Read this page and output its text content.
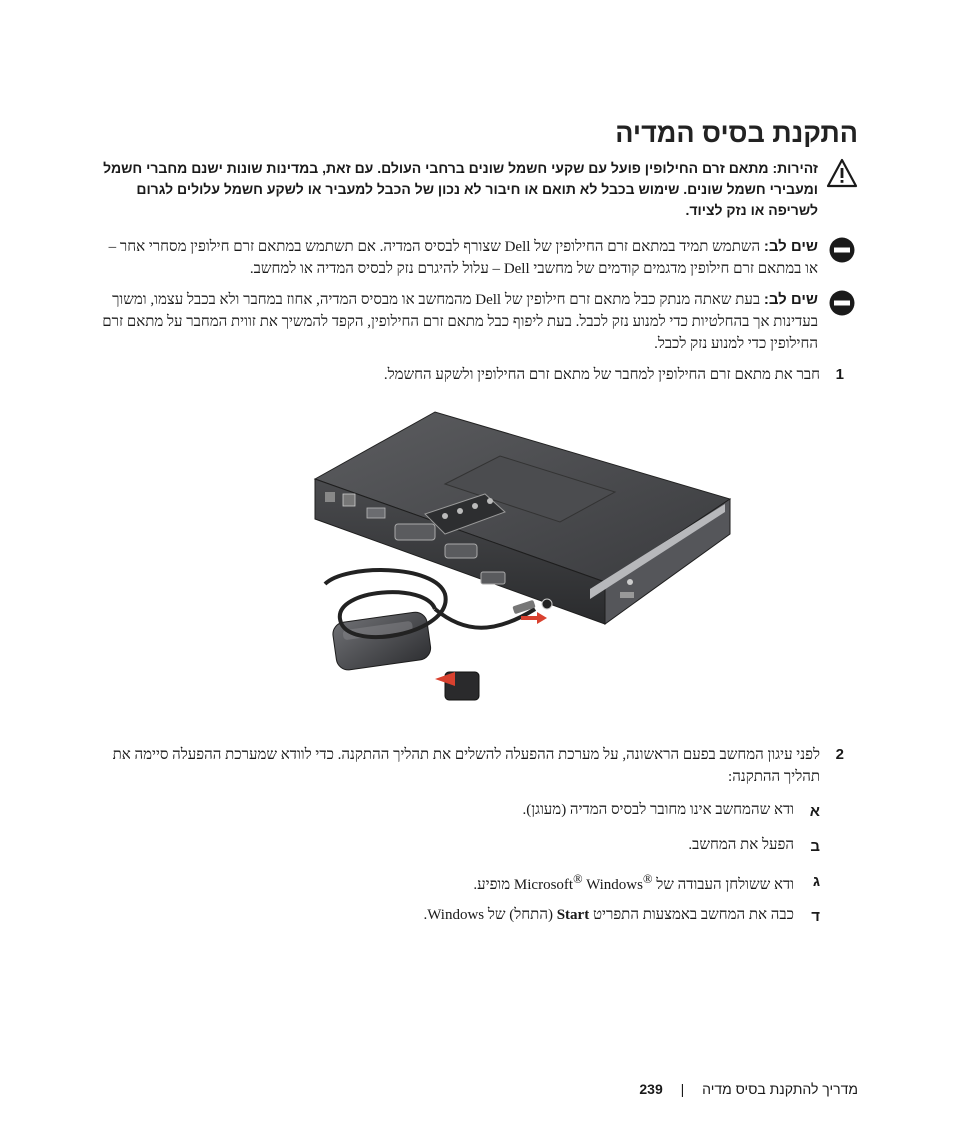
התקנת בסיס המדיה
זהירות: מתאם זרם החילופין פועל עם שקעי חשמל שונים ברחבי העולם. עם זאת, במדינות שונות ישנם מחברי חשמל ומעבירי חשמל שונים. שימוש בכבל לא תואם או חיבור לא נכון של הכבל למעביר או לשקע חשמל עלולים לגרום לשריפה או נזק לציוד.
שים לב: השתמש תמיד במתאם זרם החילופין של Dell שצורף לבסיס המדיה. אם תשתמש במתאם זרם חילופין מסחרי אחר – או במתאם זרם חילופין מדגמים קודמים של מחשבי Dell – עלול להיגרם נזק לבסיס המדיה או למחשב.
שים לב: בעת שאתה מנתק כבל מתאם זרם חילופין של Dell מהמחשב או מבסיס המדיה, אחוז במחבר ולא בכבל עצמו, ומשוך בעדינות אך בהחלטיות כדי למנוע נזק לכבל. בעת ליפוף כבל מתאם זרם החילופין, הקפד להמשיך את זווית המחבר על מתאם זרם החילופין כדי למנוע נזק לכבל.
1
חבר את מתאם זרם החילופין למחבר של מתאם זרם החילופין ולשקע החשמל.
2
לפני עיגון המחשב בפעם הראשונה, על מערכת ההפעלה להשלים את תהליך ההתקנה. כדי לוודא שמערכת ההפעלה סיימה את תהליך ההתקנה:
א
ודא שהמחשב אינו מחובר לבסיס המדיה (מעוגן).
ב
הפעל את המחשב.
ג
ודא ששולחן העבודה של Microsoft® Windows® מופיע.
ד
כבה את המחשב באמצעות התפריט Start (התחל) של Windows.
מדריך להתקנת בסיס מדיה | 239
